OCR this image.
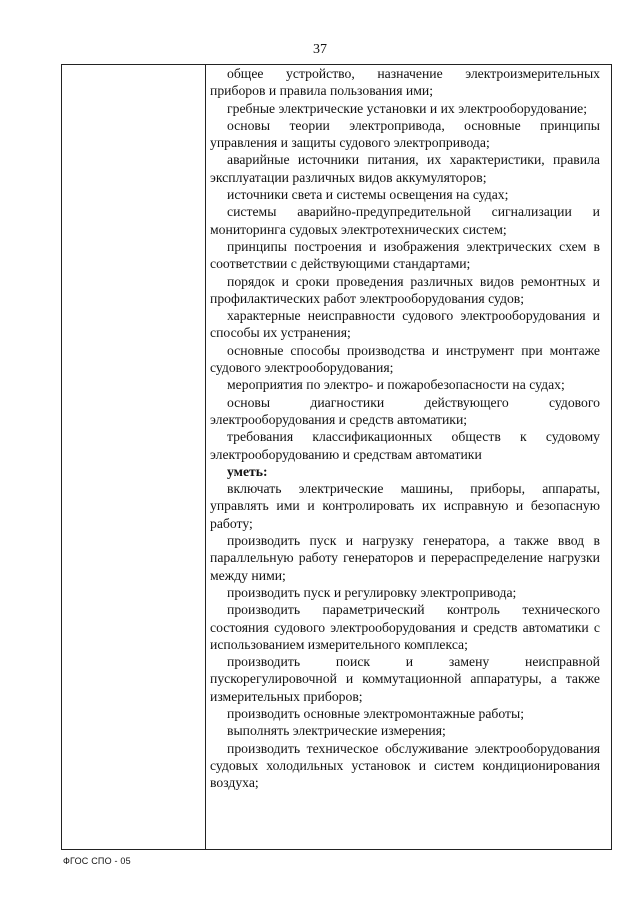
37

общее устройство, назначение электроизмерительных приборов и правила пользования ими;

гребные электрические установки и их электрооборудование;

основы теории электропривода, основные принципы управления и защиты судового электропривода;

аварийные источники питания, их характеристики, правила эксплуатации различных видов аккумуляторов;

источники света и системы освещения на судах;

системы аварийно-предупредительной сигнализации и мониторинга судовых электротехнических систем;

принципы построения и изображения электрических схем в соответствии с действующими стандартами;

порядок и сроки проведения различных видов ремонтных и профилактических работ электрооборудования судов;

характерные неисправности судового электрооборудования и способы их устранения;

основные способы производства и инструмент при монтаже судового электрооборудования;

мероприятия по электро- и пожаробезопасности на судах;

основы диагностики действующего судового электрооборудования и средств автоматики;

требования классификационных обществ к судовому электрооборудованию и средствам автоматики

уметь:

включать электрические машины, приборы, аппараты, управлять ими и контролировать их исправную и безопасную работу;

производить пуск и нагрузку генератора, а также ввод в параллельную работу генераторов и перераспределение нагрузки между ними;

производить пуск и регулировку электропривода;

производить параметрический контроль технического состояния судового электрооборудования и средств автоматики с использованием измерительного комплекса;

производить поиск и замену неисправной пускорегулировочной и коммутационной аппаратуры, а также измерительных приборов;

производить основные электромонтажные работы;

выполнять электрические измерения;

производить техническое обслуживание электрооборудования судовых холодильных установок и систем кондиционирования воздуха;

ФГОС СПО - 05
